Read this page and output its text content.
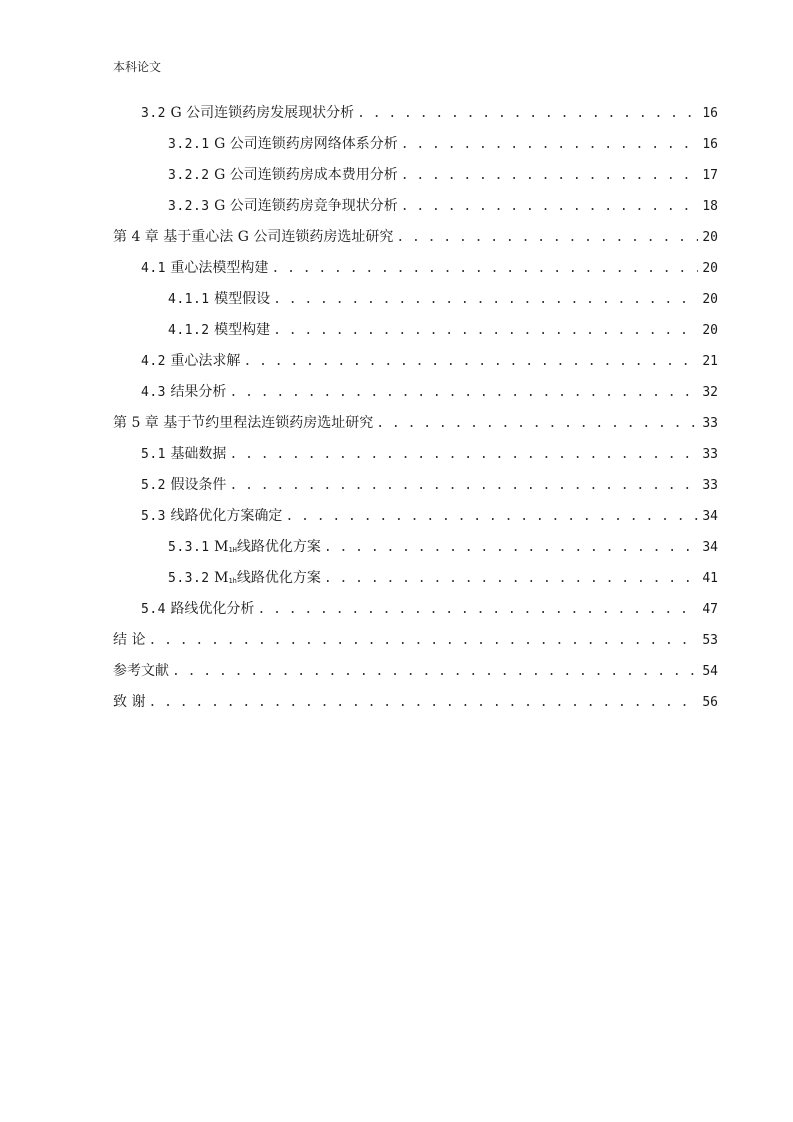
本科论文
3.2 G 公司连锁药房发展现状分析 . . .	16
3.2.1 G 公司连锁药房网络体系分析 . . .	16
3.2.2 G 公司连锁药房成本费用分析 . . .	17
3.2.3 G 公司连锁药房竞争现状分析 . . .	18
第 4 章 基于重心法 G 公司连锁药房选址研究 . . .	20
4.1 重心法模型构建 . . .	20
4.1.1 模型假设 . . .	20
4.1.2 模型构建 . . .	20
4.2 重心法求解 . . .	21
4.3 结果分析 . . .	32
第 5 章 基于节约里程法连锁药房选址研究 . . .	33
5.1 基础数据 . . .	33
5.2 假设条件 . . .	33
5.3 线路优化方案确定 . . .	34
5.3.1 $M_{1H}$线路优化方案 . . .	34
5.3.2 $M_{1h}$线路优化方案 . . .	41
5.4 路线优化分析 . . .	47
结 论 . . .	53
参考文献 . . .	54
致 谢 . . .	56
